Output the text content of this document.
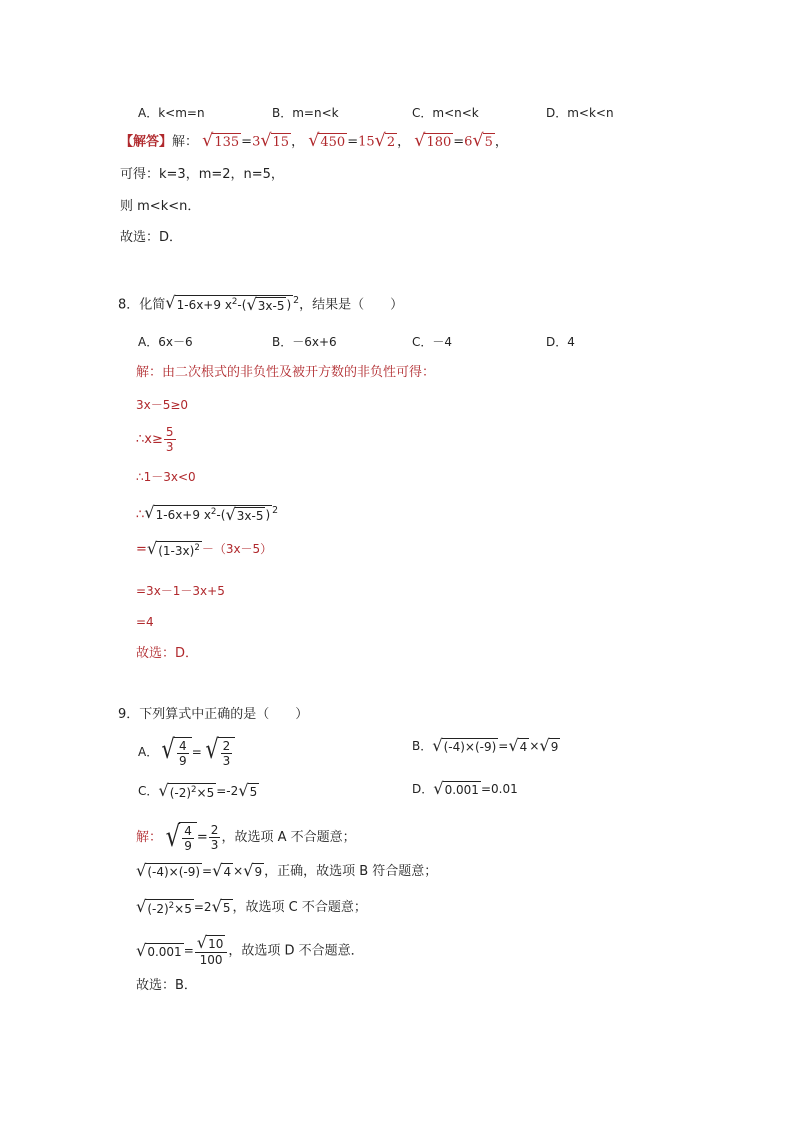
A．k<m=n	B．m=n<k	C．m<n<k	D．m<k<n
【解答】解： √ 135 =3 √ 15 ， √ 450 =15 √ 2 ， √ 180 =6 √ 5 ，
可得：k=3，m=2，n=5，
则 m<k<n．
故选：D．
8．化简 √ 1-6x+9 $x^2-$( √ 3x-5 ) $^2$，结果是（　　）
A．6x－6	B．－6x+6	C．－4	D．4
解：由二次根式的非负性及被开方数的非负性可得：
3x－5≥0
∴x≥ $\frac{5}{3}$
∴1－3x<0
∴ √ 1-6x+9 $x^2-$( √ 3x-5 ) $^2$
= √ $(1-3x)^2 -(3x-5)$
=3x－1－3x+5
=4
故选：D．
9．下列算式中正确的是（　　）
A． √ $\frac{4}{9}$ = √ $\frac{2}{3}$	B． √ (-4)×(-9) = √ 4 × √ 9
C． √ $(-2)^2\times 5 =-2$ √ 5	D． √ 0.001 =0.01
解： √ $\frac{4}{9} = \frac{2}{3}$ ，故选项 A 不合题意；
√ (-4)×(-9) = √ 4 × √ 9 ，正确，故选项 B 符合题意；
√ $(-2)^2\times 5 =2$ √ 5 ，故选项 C 不合题意；
√ $0.001 = \frac{√ 10}{100}$ ，故选项 D 不合题意．
故选：B．
